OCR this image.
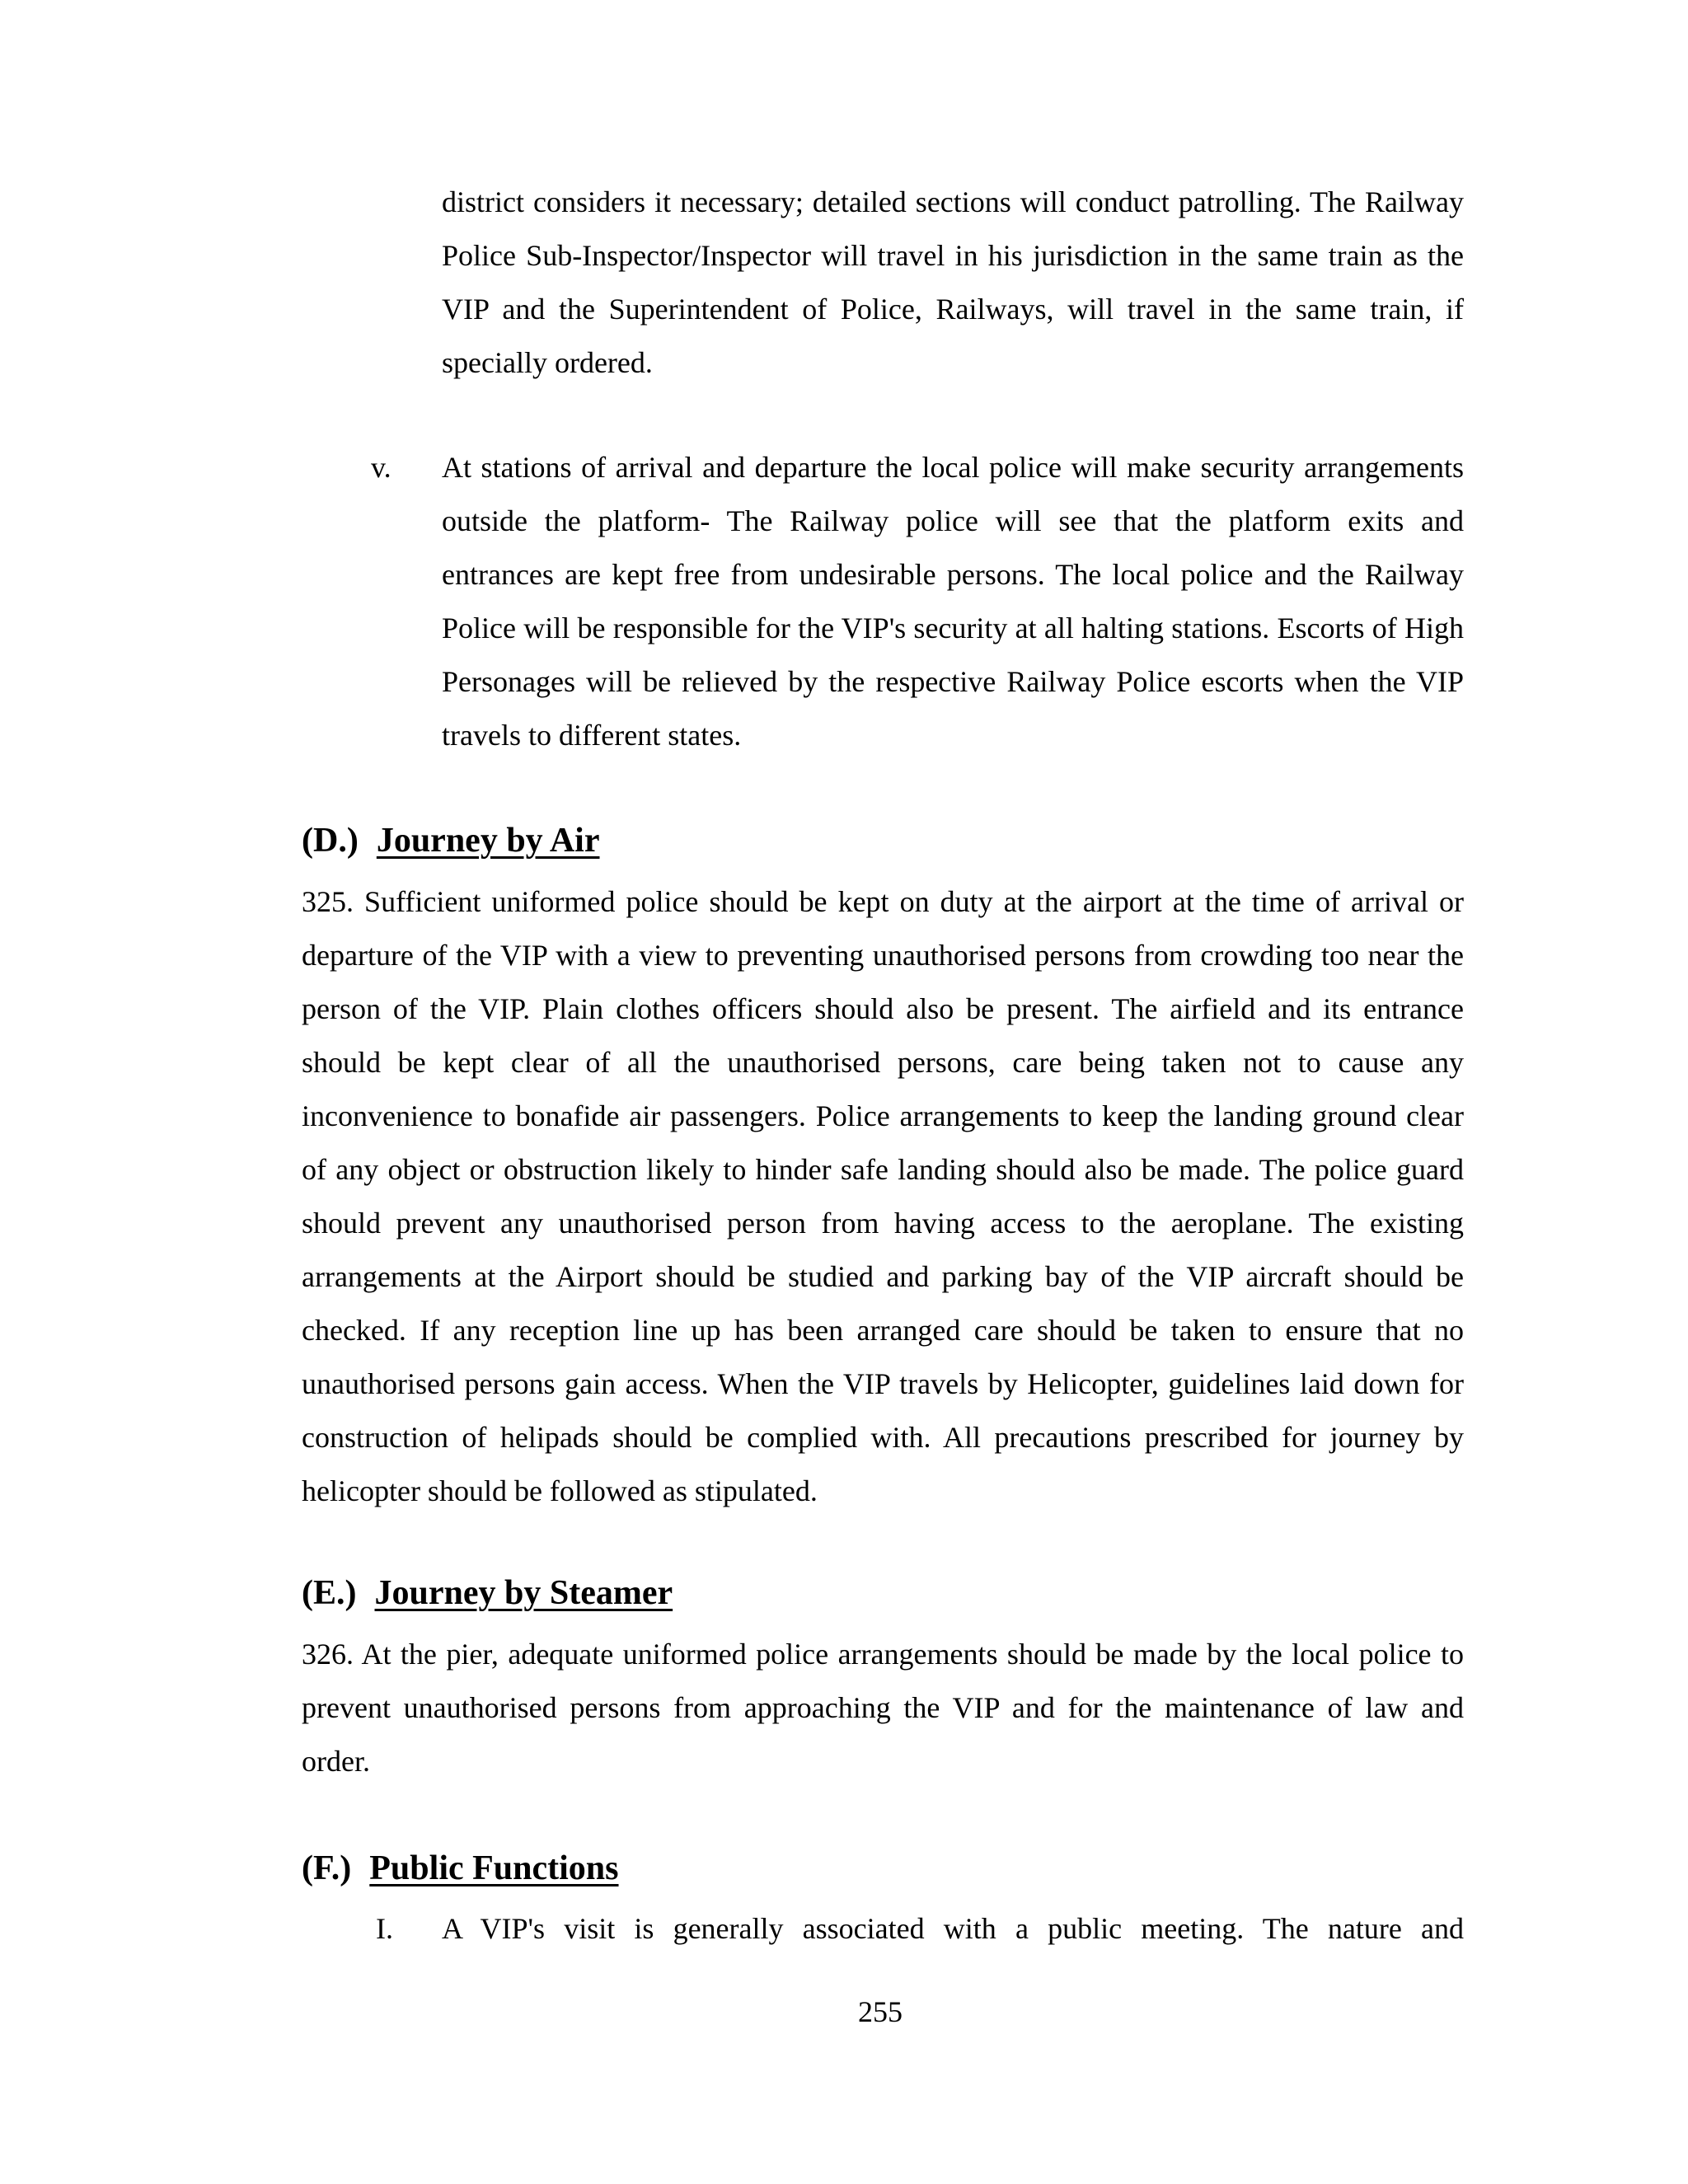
district considers it necessary; detailed sections will conduct patrolling. The Railway Police Sub-Inspector/Inspector will travel in his jurisdiction in the same train as the VIP and the Superintendent of Police, Railways, will travel in the same train, if specially ordered.
v. At stations of arrival and departure the local police will make security arrangements outside the platform- The Railway police will see that the platform exits and entrances are kept free from undesirable persons. The local police and the Railway Police will be responsible for the VIP's security at all halting stations. Escorts of High Personages will be relieved by the respective Railway Police escorts when the VIP travels to different states.
(D.) Journey by Air
325. Sufficient uniformed police should be kept on duty at the airport at the time of arrival or departure of the VIP with a view to preventing unauthorised persons from crowding too near the person of the VIP. Plain clothes officers should also be present. The airfield and its entrance should be kept clear of all the unauthorised persons, care being taken not to cause any inconvenience to bonafide air passengers. Police arrangements to keep the landing ground clear of any object or obstruction likely to hinder safe landing should also be made. The police guard should prevent any unauthorised person from having access to the aeroplane. The existing arrangements at the Airport should be studied and parking bay of the VIP aircraft should be checked. If any reception line up has been arranged care should be taken to ensure that no unauthorised persons gain access. When the VIP travels by Helicopter, guidelines laid down for construction of helipads should be complied with. All precautions prescribed for journey by helicopter should be followed as stipulated.
(E.) Journey by Steamer
326. At the pier, adequate uniformed police arrangements should be made by the local police to prevent unauthorised persons from approaching the VIP and for the maintenance of law and order.
(F.) Public Functions
I. A VIP's visit is generally associated with a public meeting. The nature and
255
